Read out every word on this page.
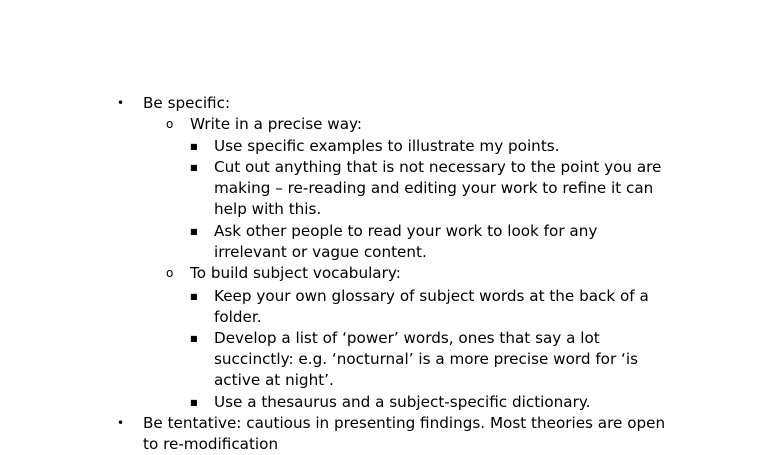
• Be specific:
o Write in a precise way:
■ Use specific examples to illustrate my points.
■ Cut out anything that is not necessary to the point you are
making – re-reading and editing your work to refine it can
help with this.
■ Ask other people to read your work to look for any
irrelevant or vague content.
o To build subject vocabulary:
■ Keep your own glossary of subject words at the back of a
folder.
■ Develop a list of ‘power’ words, ones that say a lot
succinctly: e.g. ‘nocturnal’ is a more precise word for ‘is
active at night’.
■ Use a thesaurus and a subject-specific dictionary.
• Be tentative: cautious in presenting findings. Most theories are open
to re-modification
